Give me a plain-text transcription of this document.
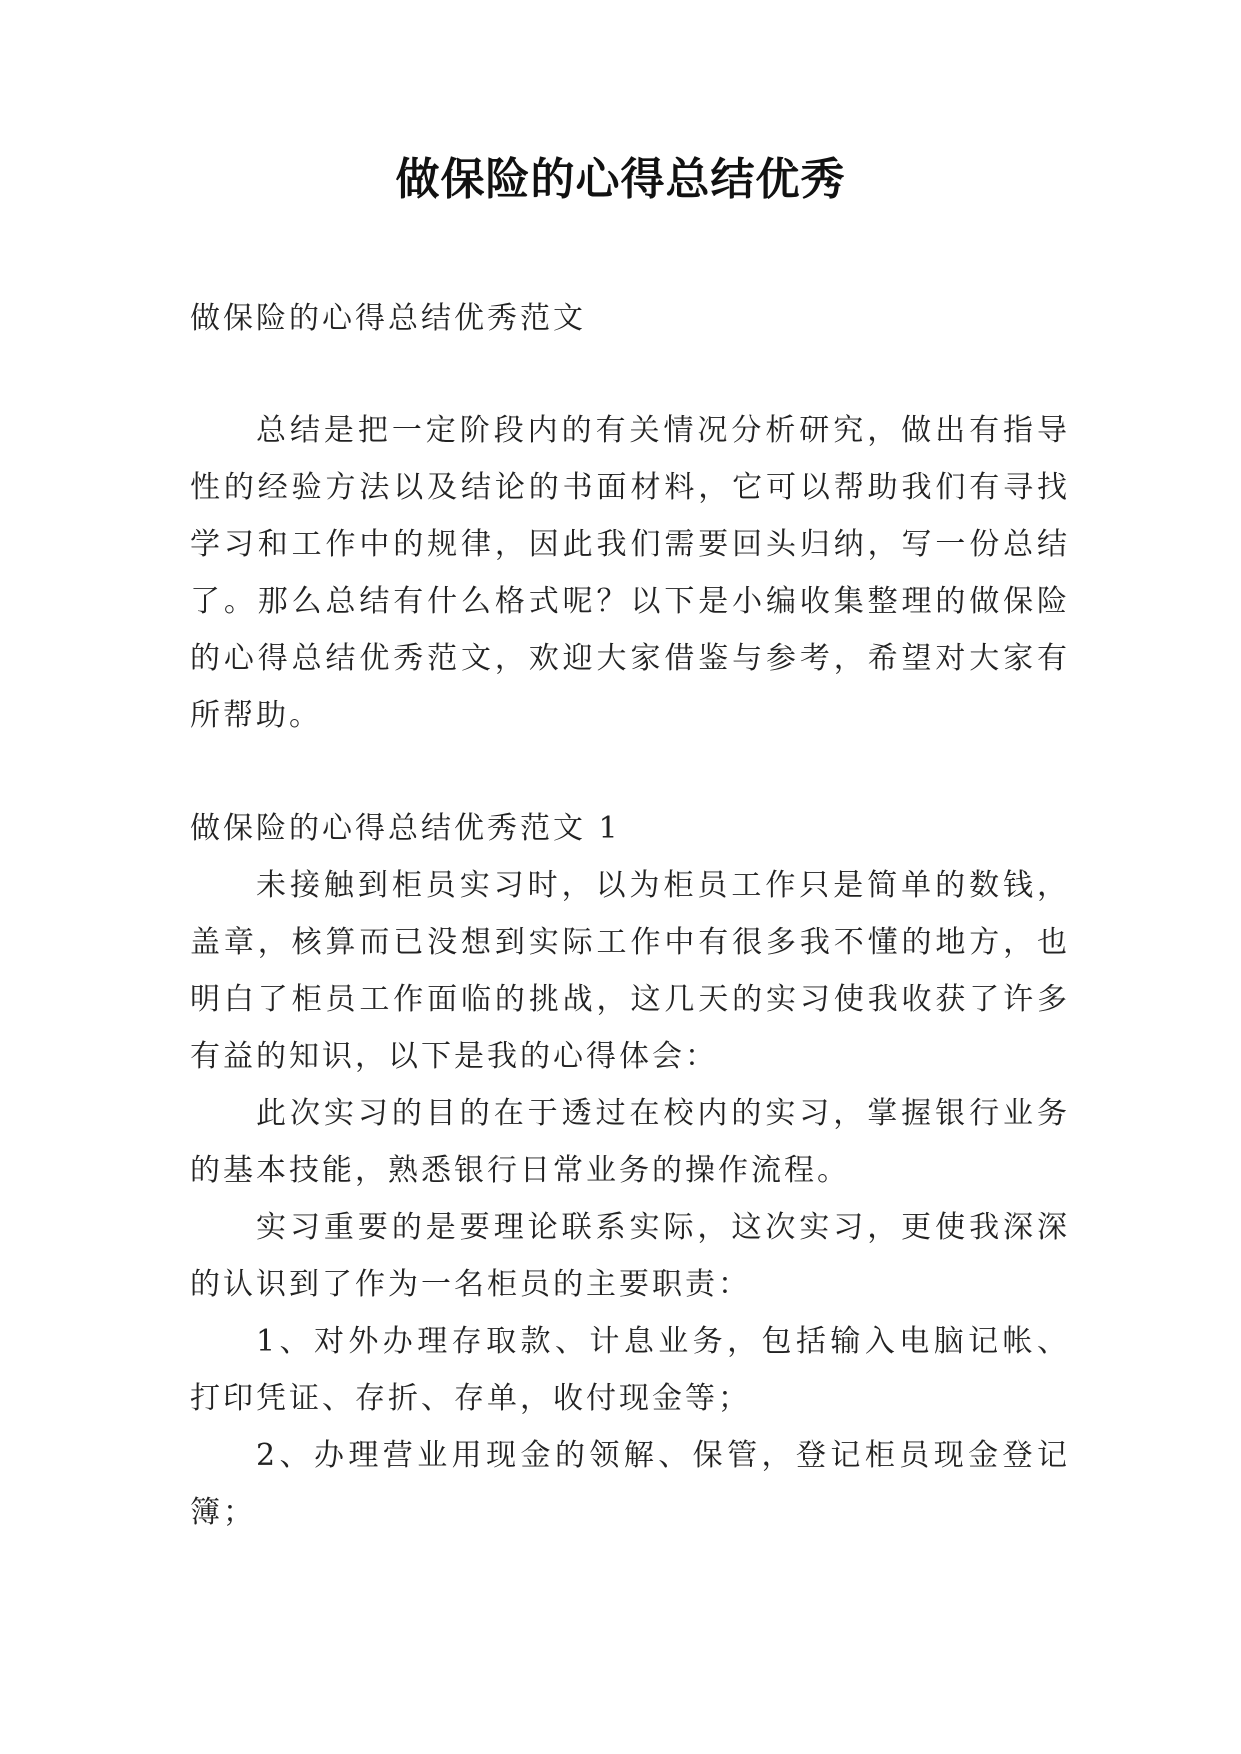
做保险的心得总结优秀

做保险的心得总结优秀范文

总结是把一定阶段内的有关情况分析研究，做出有指导性的经验方法以及结论的书面材料，它可以帮助我们有寻找学习和工作中的规律，因此我们需要回头归纳，写一份总结了。那么总结有什么格式呢？以下是小编收集整理的做保险的心得总结优秀范文，欢迎大家借鉴与参考，希望对大家有所帮助。

做保险的心得总结优秀范文 1

未接触到柜员实习时，以为柜员工作只是简单的数钱，盖章，核算而已没想到实际工作中有很多我不懂的地方，也明白了柜员工作面临的挑战，这几天的实习使我收获了许多有益的知识，以下是我的心得体会：

此次实习的目的在于透过在校内的实习，掌握银行业务的基本技能，熟悉银行日常业务的操作流程。

实习重要的是要理论联系实际，这次实习，更使我深深的认识到了作为一名柜员的主要职责：

1、对外办理存取款、计息业务，包括输入电脑记帐、打印凭证、存折、存单，收付现金等；

2、办理营业用现金的领解、保管，登记柜员现金登记簿；
